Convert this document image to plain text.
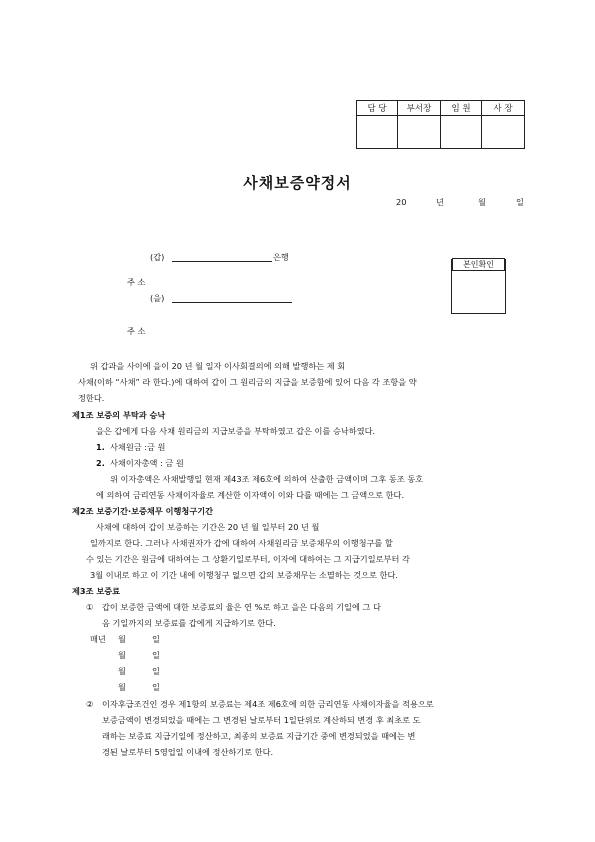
담 당	부서장	임 원	사 장

사채보증약정서
20	년	월	일
(갑)	은행
주 소
(을)
주 소
본인확인
위 갑과을 사이에 을이 20 년 월 일자 이사회결의에 의해 발행하는 제 회
사채(이하 “사채” 라 한다.)에 대하여 갑이 그 원리금의 지급을 보증함에 있어 다음 각 조항을 약
정한다.
제1조 보증의 부탁과 승낙
을은 갑에게 다음 사채 원리금의 지급보증을 부탁하였고 갑은 이를 승낙하였다.
1. 사채원금 :금 원
2. 사채이자총액 : 금 원
위 이자총액은 사채발행일 현재 제43조 제6호에 의하여 산출한 금액이며 그후 동조 동호
에 의하여 금리연동 사채이자율로 계산한 이자액이 이와 다를 때에는 그 금액으로 한다.
제2조 보증기간·보증채무 이행청구기간
사채에 대하여 갑이 보증하는 기간은 20 년 월 일부터 20 년 월
일까지로 한다. 그러나 사채권자가 갑에 대하여 사채원리금 보증채무의 이행청구를 할
수 있는 기간은 원금에 대하여는 그 상환기일로부터, 이자에 대하여는 그 지급기일로부터 각
3월 이내로 하고 이 기간 내에 이행청구 없으면 갑의 보증채무는 소멸하는 것으로 한다.
제3조 보증료
① 갑이 보증한 금액에 대한 보증료의 율은 연 %로 하고 을은 다음의 기일에 그 다
음 기일까지의 보증료를 갑에게 지급하기로 한다.
매년 월	일
월	일
월	일
월	일
② 이자후급조건인 경우 제1항의 보증료는 제4조 제6호에 의한 금리연동 사채이자율을 적용으로
보증금액이 변경되었을 때에는 그 변경된 날로부터 1일단위로 계산하되 변경 후 최초로 도
래하는 보증료 지급기일에 정산하고, 최종의 보증료 지급기간 중에 변경되었을 때에는 변
경된 날로부터 5영업일 이내에 정산하기로 한다.
